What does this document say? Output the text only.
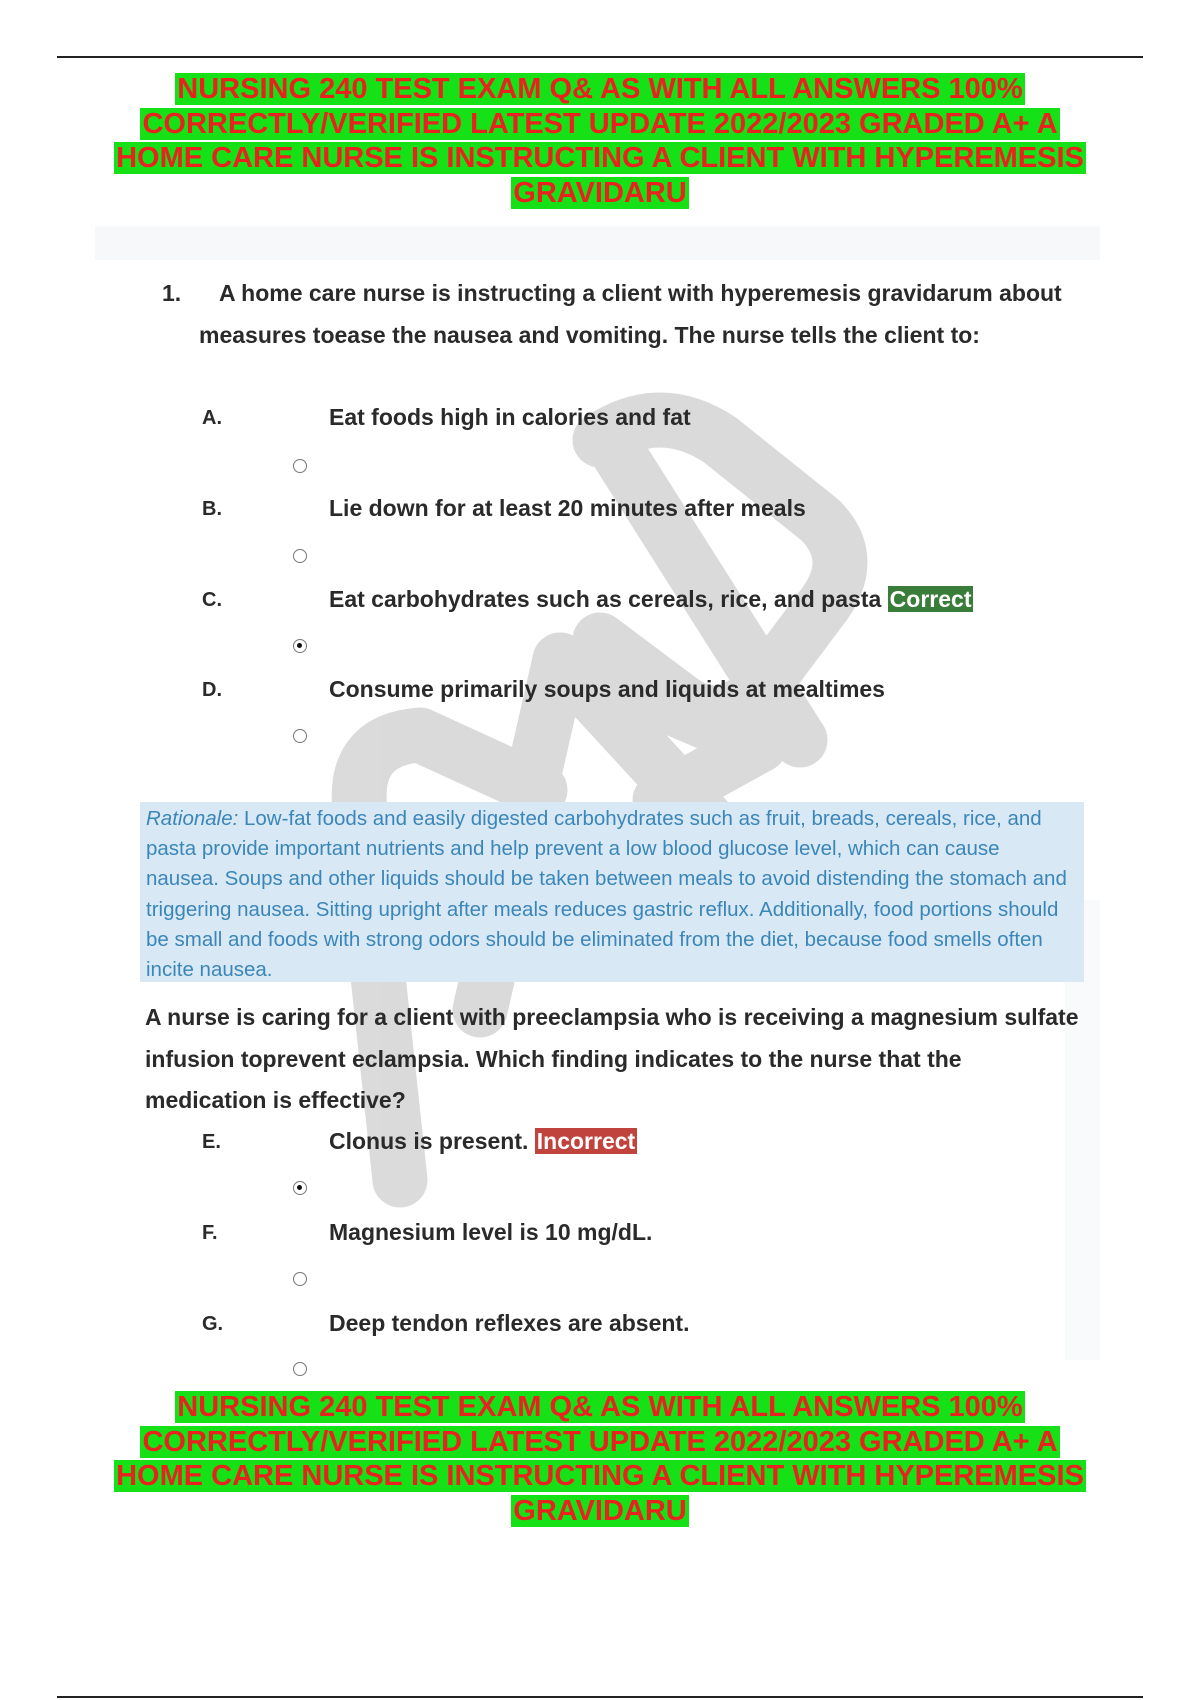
NURSING 240 TEST EXAM Q& AS WITH ALL ANSWERS 100%
CORRECTLY/VERIFIED LATEST UPDATE 2022/2023 GRADED A+ A
HOME CARE NURSE IS INSTRUCTING A CLIENT WITH HYPEREMESIS
GRAVIDARU
1.	A home care nurse is instructing a client with hyperemesis gravidarum about measures toease the nausea and vomiting. The nurse tells the client to:
A.	Eat foods high in calories and fat
B.	Lie down for at least 20 minutes after meals
C.	Eat carbohydrates such as cereals, rice, and pasta Correct
D.	Consume primarily soups and liquids at mealtimes
Rationale: Low-fat foods and easily digested carbohydrates such as fruit, breads, cereals, rice, and pasta provide important nutrients and help prevent a low blood glucose level, which can cause nausea. Soups and other liquids should be taken between meals to avoid distending the stomach and triggering nausea. Sitting upright after meals reduces gastric reflux. Additionally, food portions should be small and foods with strong odors should be eliminated from the diet, because food smells often incite nausea.
A nurse is caring for a client with preeclampsia who is receiving a magnesium sulfate infusion toprevent eclampsia. Which finding indicates to the nurse that the medication is effective?
E.	Clonus is present. Incorrect
F.	Magnesium level is 10 mg/dL.
G.	Deep tendon reflexes are absent.
NURSING 240 TEST EXAM Q& AS WITH ALL ANSWERS 100%
CORRECTLY/VERIFIED LATEST UPDATE 2022/2023 GRADED A+ A
HOME CARE NURSE IS INSTRUCTING A CLIENT WITH HYPEREMESIS
GRAVIDARU
